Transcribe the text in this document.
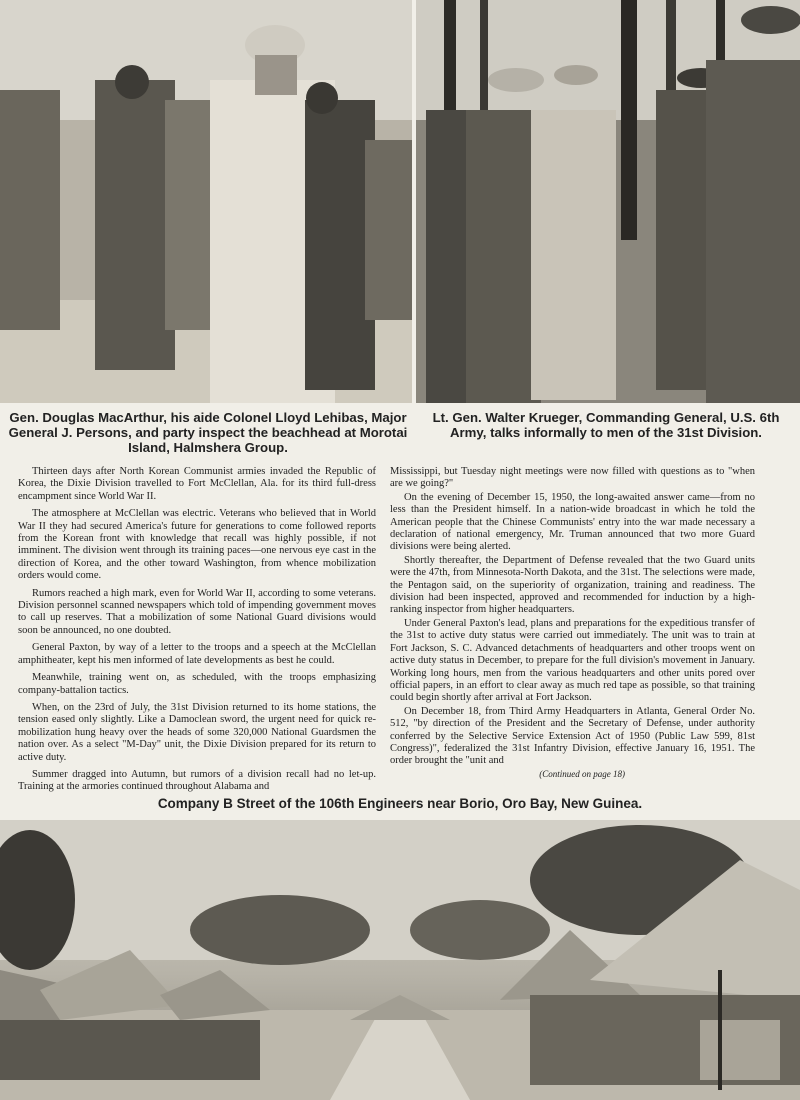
Gen. Douglas MacArthur, his aide Colonel Lloyd Lehibas, Major General J. Persons, and party inspect the beachhead at Morotai Island, Halmshera Group.
Lt. Gen. Walter Krueger, Commanding General, U.S. 6th Army, talks informally to men of the 31st Division.

Thirteen days after North Korean Communist armies invaded the Republic of Korea, the Dixie Division travelled to Fort McClellan, Ala. for its third full-dress encampment since World War II.

The atmosphere at McClellan was electric. Veterans who believed that in World War II they had secured America's future for generations to come followed reports from the Korean front with knowledge that recall was highly possible, if not imminent. The division went through its training paces—one nervous eye cast in the direction of Korea, and the other toward Washington, from whence mobilization orders would come.

Rumors reached a high mark, even for World War II, according to some veterans. Division personnel scanned newspapers which told of impending government moves to call up reserves. That a mobilization of some National Guard divisions would soon be announced, no one doubted.

General Paxton, by way of a letter to the troops and a speech at the McClellan amphitheater, kept his men informed of late developments as best he could.

Meanwhile, training went on, as scheduled, with the troops emphasizing company-battalion tactics.

When, on the 23rd of July, the 31st Division returned to its home stations, the tension eased only slightly. Like a Damoclean sword, the urgent need for quick re-mobilization hung heavy over the heads of some 320,000 National Guardsmen the nation over. As a select "M-Day" unit, the Dixie Division prepared for its return to active duty.

Summer dragged into Autumn, but rumors of a division recall had no let-up. Training at the armories continued throughout Alabama and

Mississippi, but Tuesday night meetings were now filled with questions as to "when are we going?"

On the evening of December 15, 1950, the long-awaited answer came—from no less than the President himself. In a nation-wide broadcast in which he told the American people that the Chinese Communists' entry into the war made necessary a declaration of national emergency, Mr. Truman announced that two more Guard divisions were being alerted.

Shortly thereafter, the Department of Defense revealed that the two Guard units were the 47th, from Minnesota-North Dakota, and the 31st. The selections were made, the Pentagon said, on the superiority of organization, training and readiness. The division had been inspected, approved and recommended for induction by a high-ranking inspector from higher headquarters.

Under General Paxton's lead, plans and preparations for the expeditious transfer of the 31st to active duty status were carried out immediately. The unit was to train at Fort Jackson, S. C. Advanced detachments of headquarters and other troops went on active duty status in December, to prepare for the full division's movement in January. Working long hours, men from the various headquarters and other units pored over official papers, in an effort to clear away as much red tape as possible, so that training could begin shortly after arrival at Fort Jackson.

On December 18, from Third Army Headquarters in Atlanta, General Order No. 512, "by direction of the President and the Secretary of Defense, under authority conferred by the Selective Service Extension Act of 1950 (Public Law 599, 81st Congress)", federalized the 31st Infantry Division, effective January 16, 1951. The order brought the "unit and

(Continued on page 18)
Company B Street of the 106th Engineers near Borio, Oro Bay, New Guinea.
